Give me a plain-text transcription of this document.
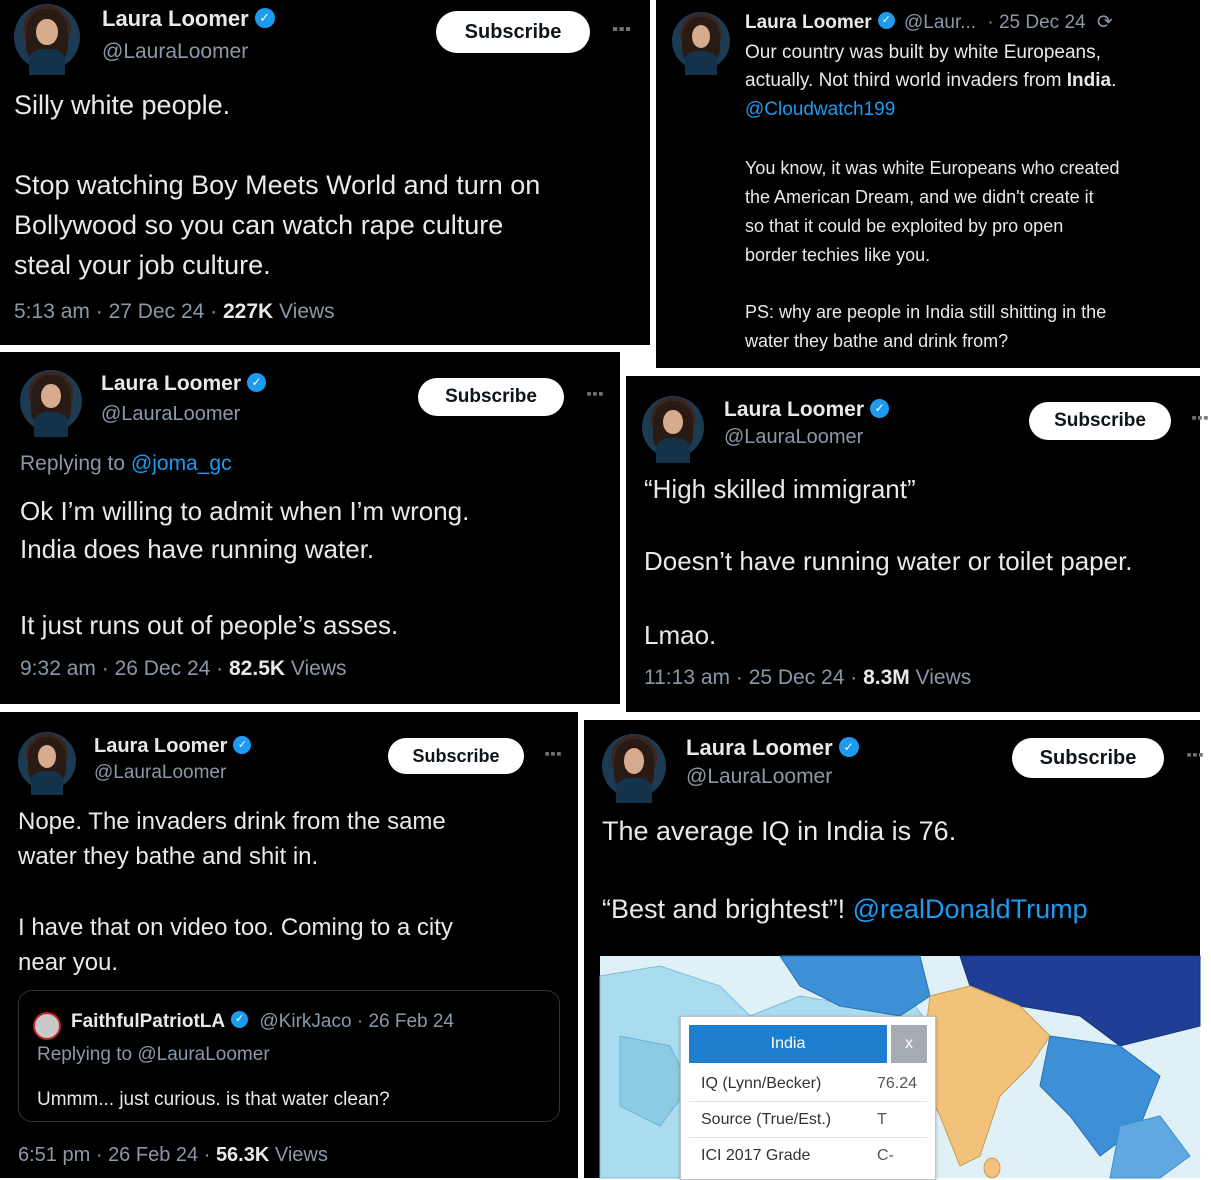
Laura Loomer ✓
@LauraLoomer
Subscribe	⋮
Silly white people.
Stop watching Boy Meets World and turn on
Bollywood so you can watch rape culture
steal your job culture.
5:13 am · 27 Dec 24 · 227K Views
Laura Loomer ✓ @Laur... · 25 Dec 24 ⟳
Our country was built by white Europeans,
actually. Not third world invaders from India.
@Cloudwatch199
You know, it was white Europeans who created
the American Dream, and we didn't create it
so that it could be exploited by pro open
border techies like you.
PS: why are people in India still shitting in the
water they bathe and drink from?
Laura Loomer ✓
@LauraLoomer
Subscribe	⋮
Replying to @joma_gc
Ok I’m willing to admit when I’m wrong.
India does have running water.
It just runs out of people’s asses.
9:32 am · 26 Dec 24 · 82.5K Views
Laura Loomer ✓
@LauraLoomer
Subscribe	⋮
“High skilled immigrant”
Doesn’t have running water or toilet paper.
Lmao.
11:13 am · 25 Dec 24 · 8.3M Views
Laura Loomer ✓
@LauraLoomer
Subscribe	⋮
Nope. The invaders drink from the same
water they bathe and shit in.
I have that on video too. Coming to a city
near you.
FaithfulPatriotLA ✓ @KirkJaco · 26 Feb 24
Replying to @LauraLoomer
Ummm... just curious. is that water clean?
6:51 pm · 26 Feb 24 · 56.3K Views
Laura Loomer ✓
@LauraLoomer
Subscribe	⋮
The average IQ in India is 76.
“Best and brightest”! @realDonaldTrump
India	x
IQ (Lynn/Becker)	76.24
Source (True/Est.)	T
ICI 2017 Grade	C-
